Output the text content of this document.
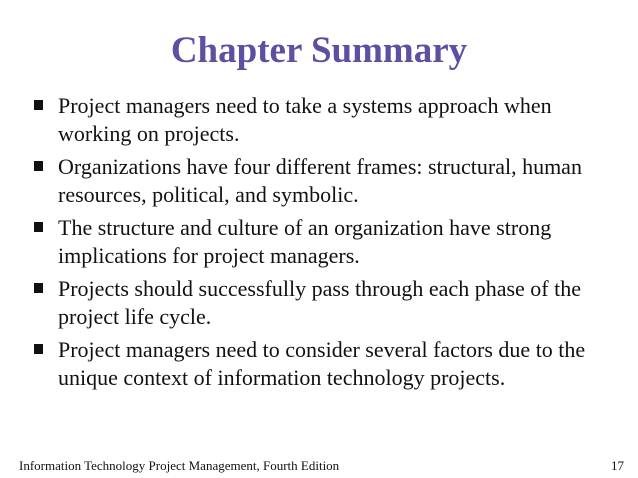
Chapter Summary
Project managers need to take a systems approach when working on projects.
Organizations have four different frames: structural, human resources, political, and symbolic.
The structure and culture of an organization have strong implications for project managers.
Projects should successfully pass through each phase of the project life cycle.
Project managers need to consider several factors due to the unique context of information technology projects.
Information Technology Project Management, Fourth Edition	17
